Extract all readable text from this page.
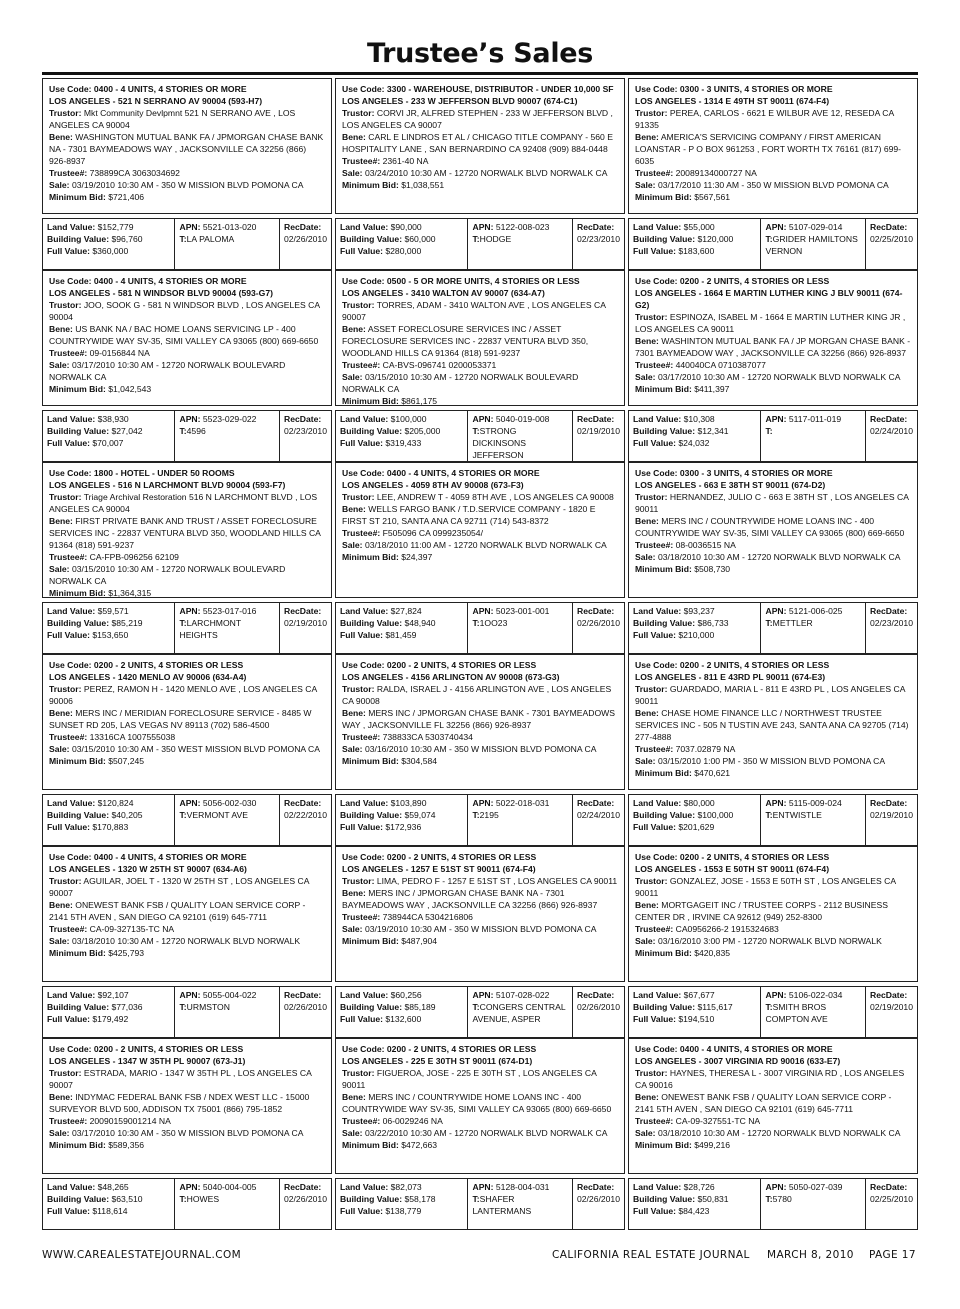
Trustee’s Sales
Use Code: 0400 - 4 UNITS, 4 STORIES OR MORE
LOS ANGELES - 521 N SERRANO AV 90004 (593-H7)
Trustor: Mkt Community Devlpmnt 521 N SERRANO AVE , LOS ANGELES CA 90004
Bene: WASHINGTON MUTUAL BANK FA / JPMORGAN CHASE BANK NA - 7301 BAYMEADOWS WAY , JACKSONVILLE CA 32256 (866) 926-8937
Trustee#: 738899CA 3063034692
Sale: 03/19/2010 10:30 AM - 350 W MISSION BLVD POMONA CA
Minimum Bid: $721,406
Land Value: $152,779
Building Value: $96,760
Full Value: $360,000
APN: 5521-013-020
T:LA PALOMA
RecDate:
02/26/2010
Use Code: 3300 - WAREHOUSE, DISTRIBUTOR - UNDER 10,000 SF
LOS ANGELES - 233 W JEFFERSON BLVD 90007 (674-C1)
Trustor: CORVI JR, ALFRED STEPHEN - 233 W JEFFERSON BLVD , LOS ANGELES CA 90007
Bene: CARL E LINDROS ET AL / CHICAGO TITLE COMPANY - 560 E HOSPITALITY LANE , SAN BERNARDINO CA 92408 (909) 884-0448
Trustee#: 2361-40 NA
Sale: 03/24/2010 10:30 AM - 12720 NORWALK BLVD NORWALK CA
Minimum Bid: $1,038,551
Land Value: $90,000
Building Value: $60,000
Full Value: $280,000
APN: 5122-008-023
T:HODGE
RecDate:
02/23/2010
Use Code: 0300 - 3 UNITS, 4 STORIES OR MORE
LOS ANGELES - 1314 E 49TH ST 90011 (674-F4)
Trustor: PEREA, CARLOS - 6621 E WILBUR AVE 12, RESEDA CA 91335
Bene: AMERICA'S SERVICING COMPANY / FIRST AMERICAN LOANSTAR - P O BOX 961253 , FORT WORTH TX 76161 (817) 699-6035
Trustee#: 20089134000727 NA
Sale: 03/17/2010 11:30 AM - 350 W MISSION BLVD POMONA CA
Minimum Bid: $567,561
Land Value: $55,000
Building Value: $120,000
Full Value: $183,600
APN: 5107-029-014
T:GRIDER HAMILTONS VERNON
RecDate:
02/25/2010
Use Code: 0400 - 4 UNITS, 4 STORIES OR MORE
LOS ANGELES - 581 N WINDSOR BLVD 90004 (593-G7)
Trustor: JOO, SOOK G - 581 N WINDSOR BLVD , LOS ANGELES CA 90004
Bene: US BANK NA / BAC HOME LOANS SERVICING LP - 400 COUNTRYWIDE WAY SV-35, SIMI VALLEY CA 93065 (800) 669-6650
Trustee#: 09-0156844 NA
Sale: 03/17/2010 10:30 AM - 12720 NORWALK BOULEVARD NORWALK CA
Minimum Bid: $1,042,543
Land Value: $38,930
Building Value: $27,042
Full Value: $70,007
APN: 5523-029-022
T:4596
RecDate:
02/23/2010
Use Code: 0500 - 5 OR MORE UNITS, 4 STORIES OR LESS
LOS ANGELES - 3410 WALTON AV 90007 (634-A7)
Trustor: TORRES, ADAM - 3410 WALTON AVE , LOS ANGELES CA 90007
Bene: ASSET FORECLOSURE SERVICES INC / ASSET FORECLOSURE SERVICES INC - 22837 VENTURA BLVD 350, WOODLAND HILLS CA 91364 (818) 591-9237
Trustee#: CA-BVS-096741 0200053371
Sale: 03/15/2010 10:30 AM - 12720 NORWALK BOULEVARD NORWALK CA
Minimum Bid: $861,175
Land Value: $100,000
Building Value: $205,000
Full Value: $319,433
APN: 5040-019-008
T:STRONG DICKINSONS JEFFERSON
RecDate:
02/19/2010
Use Code: 0200 - 2 UNITS, 4 STORIES OR LESS
LOS ANGELES - 1664 E MARTIN LUTHER KING J BLV 90011 (674-G2)
Trustor: ESPINOZA, ISABEL M - 1664 E MARTIN LUTHER KING JR , LOS ANGELES CA 90011
Bene: WASHINTON MUTUAL BANK FA / JP MORGAN CHASE BANK - 7301 BAYMEADOW WAY , JACKSONVILLE CA 32256 (866) 926-8937
Trustee#: 440040CA 0710387077
Sale: 03/17/2010 10:30 AM - 12720 NORWALK BLVD NORWALK CA
Minimum Bid: $411,397
Land Value: $10,308
Building Value: $12,341
Full Value: $24,032
APN: 5117-011-019
T:
RecDate:
02/24/2010
Use Code: 1800 - HOTEL - UNDER 50 ROOMS
LOS ANGELES - 516 N LARCHMONT BLVD 90004 (593-F7)
Trustor: Triage Archival Restoration 516 N LARCHMONT BLVD , LOS ANGELES CA 90004
Bene: FIRST PRIVATE BANK AND TRUST / ASSET FORECLOSURE SERVICES INC - 22837 VENTURA BLVD 350, WOODLAND HILLS CA 91364 (818) 591-9237
Trustee#: CA-FPB-096256 62109
Sale: 03/15/2010 10:30 AM - 12720 NORWALK BOULEVARD NORWALK CA
Minimum Bid: $1,364,315
Land Value: $59,571
Building Value: $85,219
Full Value: $153,650
APN: 5523-017-016
T:LARCHMONT HEIGHTS
RecDate:
02/19/2010
Use Code: 0400 - 4 UNITS, 4 STORIES OR MORE
LOS ANGELES - 4059 8TH AV 90008 (673-F3)
Trustor: LEE, ANDREW T - 4059 8TH AVE , LOS ANGELES CA 90008
Bene: WELLS FARGO BANK / T.D.SERVICE COMPANY - 1820 E FIRST ST 210, SANTA ANA CA 92711 (714) 543-8372
Trustee#: F505096 CA 0999235054/
Sale: 03/18/2010 11:00 AM - 12720 NORWALK BLVD NORWALK CA
Minimum Bid: $24,397
Land Value: $27,824
Building Value: $48,940
Full Value: $81,459
APN: 5023-001-001
T:1OO23
RecDate:
02/26/2010
Use Code: 0300 - 3 UNITS, 4 STORIES OR MORE
LOS ANGELES - 663 E 38TH ST 90011 (674-D2)
Trustor: HERNANDEZ, JULIO C - 663 E 38TH ST , LOS ANGELES CA 90011
Bene: MERS INC / COUNTRYWIDE HOME LOANS INC - 400 COUNTRYWIDE WAY SV-35, SIMI VALLEY CA 93065 (800) 669-6650
Trustee#: 08-0036515 NA
Sale: 03/18/2010 10:30 AM - 12720 NORWALK BLVD NORWALK CA
Minimum Bid: $508,730
Land Value: $93,237
Building Value: $86,733
Full Value: $210,000
APN: 5121-006-025
T:METTLER
RecDate:
02/23/2010
Use Code: 0200 - 2 UNITS, 4 STORIES OR LESS
LOS ANGELES - 1420 MENLO AV 90006 (634-A4)
Trustor: PEREZ, RAMON H - 1420 MENLO AVE , LOS ANGELES CA 90006
Bene: MERS INC / MERIDIAN FORECLOSURE SERVICE - 8485 W SUNSET RD 205, LAS VEGAS NV 89113 (702) 586-4500
Trustee#: 13316CA 1007555038
Sale: 03/15/2010 10:30 AM - 350 WEST MISSION BLVD POMONA CA
Minimum Bid: $507,245
Land Value: $120,824
Building Value: $40,205
Full Value: $170,883
APN: 5056-002-030
T:VERMONT AVE
RecDate:
02/22/2010
Use Code: 0200 - 2 UNITS, 4 STORIES OR LESS
LOS ANGELES - 4156 ARLINGTON AV 90008 (673-G3)
Trustor: RALDA, ISRAEL J - 4156 ARLINGTON AVE , LOS ANGELES CA 90008
Bene: MERS INC / JPMORGAN CHASE BANK - 7301 BAYMEADOWS WAY , JACKSONVILLE FL 32256 (866) 926-8937
Trustee#: 738833CA 5303740434
Sale: 03/16/2010 10:30 AM - 350 W MISSION BLVD POMONA CA
Minimum Bid: $304,584
Land Value: $103,890
Building Value: $59,074
Full Value: $172,936
APN: 5022-018-031
T:2195
RecDate:
02/24/2010
Use Code: 0200 - 2 UNITS, 4 STORIES OR LESS
LOS ANGELES - 811 E 43RD PL 90011 (674-E3)
Trustor: GUARDADO, MARIA L - 811 E 43RD PL , LOS ANGELES CA 90011
Bene: CHASE HOME FINANCE LLC / NORTHWEST TRUSTEE SERVICES INC - 505 N TUSTIN AVE 243, SANTA ANA CA 92705 (714) 277-4888
Trustee#: 7037.02879 NA
Sale: 03/15/2010 1:00 PM - 350 W MISSION BLVD POMONA CA
Minimum Bid: $470,621
Land Value: $80,000
Building Value: $100,000
Full Value: $201,629
APN: 5115-009-024
T:ENTWISTLE
RecDate:
02/19/2010
Use Code: 0400 - 4 UNITS, 4 STORIES OR MORE
LOS ANGELES - 1320 W 25TH ST 90007 (634-A6)
Trustor: AGUILAR, JOEL T - 1320 W 25TH ST , LOS ANGELES CA 90007
Bene: ONEWEST BANK FSB / QUALITY LOAN SERVICE CORP - 2141 5TH AVEN , SAN DIEGO CA 92101 (619) 645-7711
Trustee#: CA-09-327135-TC NA
Sale: 03/18/2010 10:30 AM - 12720 NORWALK BLVD NORWALK
Minimum Bid: $425,793
Land Value: $92,107
Building Value: $77,036
Full Value: $179,492
APN: 5055-004-022
T:URMSTON
RecDate:
02/26/2010
Use Code: 0200 - 2 UNITS, 4 STORIES OR LESS
LOS ANGELES - 1257 E 51ST ST 90011 (674-F4)
Trustor: LIMA, PEDRO F - 1257 E 51ST ST , LOS ANGELES CA 90011
Bene: MERS INC / JPMORGAN CHASE BANK NA - 7301 BAYMEADOWS WAY , JACKSONVILLE CA 32256 (866) 926-8937
Trustee#: 738944CA 5304216806
Sale: 03/19/2010 10:30 AM - 350 W MISSION BLVD POMONA CA
Minimum Bid: $487,904
Land Value: $60,256
Building Value: $85,189
Full Value: $132,600
APN: 5107-028-022
T:CONGERS CENTRAL AVENUE, ASPER
RecDate:
02/26/2010
Use Code: 0200 - 2 UNITS, 4 STORIES OR LESS
LOS ANGELES - 1553 E 50TH ST 90011 (674-F4)
Trustor: GONZALEZ, JOSE - 1553 E 50TH ST , LOS ANGELES CA 90011
Bene: MORTGAGEIT INC / TRUSTEE CORPS - 2112 BUSINESS CENTER DR , IRVINE CA 92612 (949) 252-8300
Trustee#: CA0956266-2 1915324683
Sale: 03/16/2010 3:00 PM - 12720 NORWALK BLVD NORWALK
Minimum Bid: $420,835
Land Value: $67,677
Building Value: $115,617
Full Value: $194,510
APN: 5106-022-034
T:SMITH BROS COMPTON AVE
RecDate:
02/19/2010
Use Code: 0200 - 2 UNITS, 4 STORIES OR LESS
LOS ANGELES - 1347 W 35TH PL 90007 (673-J1)
Trustor: ESTRADA, MARIO - 1347 W 35TH PL , LOS ANGELES CA 90007
Bene: INDYMAC FEDERAL BANK FSB / NDEX WEST LLC - 15000 SURVEYOR BLVD 500, ADDISON TX 75001 (866) 795-1852
Trustee#: 20090159001214 NA
Sale: 03/17/2010 10:30 AM - 350 W MISSION BLVD POMONA CA
Minimum Bid: $589,356
Land Value: $48,265
Building Value: $63,510
Full Value: $118,614
APN: 5040-004-005
T:HOWES
RecDate:
02/26/2010
Use Code: 0200 - 2 UNITS, 4 STORIES OR LESS
LOS ANGELES - 225 E 30TH ST 90011 (674-D1)
Trustor: FIGUEROA, JOSE - 225 E 30TH ST , LOS ANGELES CA 90011
Bene: MERS INC / COUNTRYWIDE HOME LOANS INC - 400 COUNTRYWIDE WAY SV-35, SIMI VALLEY CA 93065 (800) 669-6650
Trustee#: 06-0029246 NA
Sale: 03/22/2010 10:30 AM - 12720 NORWALK BLVD NORWALK CA
Minimum Bid: $472,663
Land Value: $82,073
Building Value: $58,178
Full Value: $138,779
APN: 5128-004-031
T:SHAFER LANTERMANS
RecDate:
02/26/2010
Use Code: 0400 - 4 UNITS, 4 STORIES OR MORE
LOS ANGELES - 3007 VIRGINIA RD 90016 (633-E7)
Trustor: HAYNES, THERESA L - 3007 VIRGINIA RD , LOS ANGELES CA 90016
Bene: ONEWEST BANK FSB / QUALITY LOAN SERVICE CORP - 2141 5TH AVEN , SAN DIEGO CA 92101 (619) 645-7711
Trustee#: CA-09-327551-TC NA
Sale: 03/18/2010 10:30 AM - 12720 NORWALK BLVD NORWALK CA
Minimum Bid: $499,216
Land Value: $28,726
Building Value: $50,831
Full Value: $84,423
APN: 5050-027-039
T:5780
RecDate:
02/25/2010
WWW.CAREALESTATEJOURNAL.COM	CALIFORNIA REAL ESTATE JOURNAL MARCH 8, 2010 PAGE 17
